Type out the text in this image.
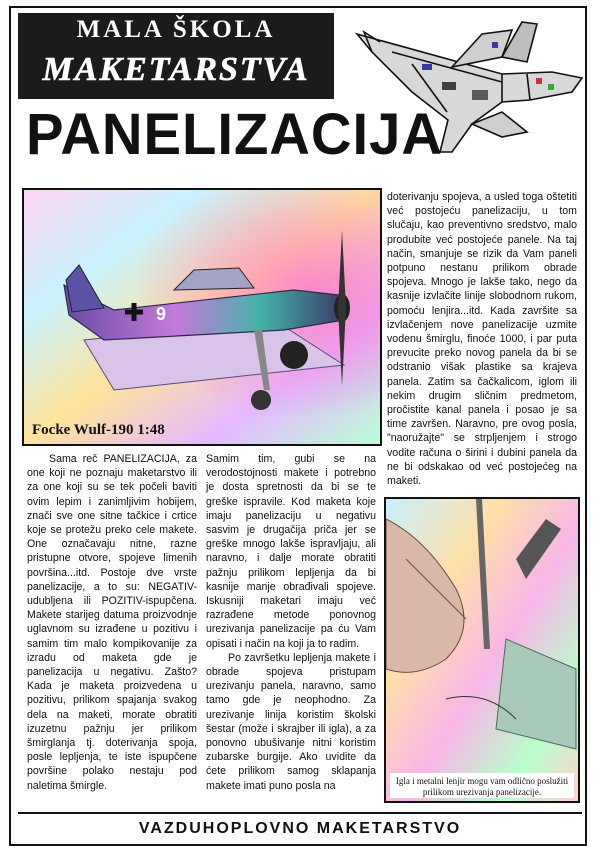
MALA ŠKOLA
MAKETARSTVA
PANELIZACIJA
9
Focke Wulf-190 1:48

doterivanju spojeva, a usled toga oštetiti već postojeću panelizaciju, u tom slučaju, kao preventivno sredstvo, malo produbite već postojeće panele. Na taj način, smanjuje se rizik da Vam paneli potpuno nestanu prilikom obrade spojeva. Mnogo je lakše tako, nego da kasnije izvlačite linije slobodnom rukom, pomoću lenjira...itd. Kada završite sa izvlačenjem nove panelizacije uzmite vodenu šmirglu, finoće 1000, i par puta prevucite preko novog panela da bi se odstranio višak plastike sa krajeva panela. Zatim sa čačkalicom, iglom ili nekim drugim sličnim predmetom, pročistite kanal panela i posao je sa time završen. Naravno, pre ovog posla, "naoružajte" se strpljenjem i strogo vodite računa o širini i dubini panela da ne bi odskakao od već postojećeg na maketi.

Sama reč PANELIZACIJA, za one koji ne poznaju maketarstvo ili za one koji su se tek počeli baviti ovim lepim i zanimljivim hobijem, znači sve one sitne tačkice i crtice koje se protežu preko cele makete. One označavaju nitne, razne pristupne otvore, spojeve limenih površina...itd. Postoje dve vrste panelizacije, a to su: NEGATIV-udubljena ili POZITIV-ispupčena. Makete starijeg datuma proizvodnje uglavnom su izrađene u pozitivu i samim tim malo kompikovanije za izradu od maketa gde je panelizacija u negativu. Zašto? Kada je maketa proizvedena u pozitivu, prilikom spajanja svakog dela na maketi, morate obratiti izuzetnu pažnju jer prilikom šmirglanja tj. doterivanja spoja, posle lepljenja, te iste ispupčene površine polako nestaju pod naletima šmirgle.

Samim tim, gubi se na verodostojnosti makete i potrebno je dosta spretnosti da bi se te greške ispravile. Kod maketa koje imaju panelizaciju u negativu sasvim je drugačija priča jer se greške mnogo lakše ispravljaju, ali naravno, i dalje morate obratiti pažnju prilikom lepljenja da bi kasnije manje obrađivali spojeve. Iskusniji maketari imaju već razrađene metode ponovnog urezivanja panelizacije pa ću Vam opisati i način na koji ja to radim.

Po završetku lepljenja makete i obrade spojeva pristupam urezivanju panela, naravno, samo tamo gde je neophodno. Za urezivanje linija koristim školski šestar (može i skrajber ili igla), a za ponovno ubušivanje nitni koristim zubarske burgije. Ako uvidite da ćete prilikom samog sklapanja makete imati puno posla na	Igla i metalni lenjir mogu vam odlično poslužiti prilikom urezivanja panelizacije.
VAZDUHOPLOVNO MAKETARSTVO
